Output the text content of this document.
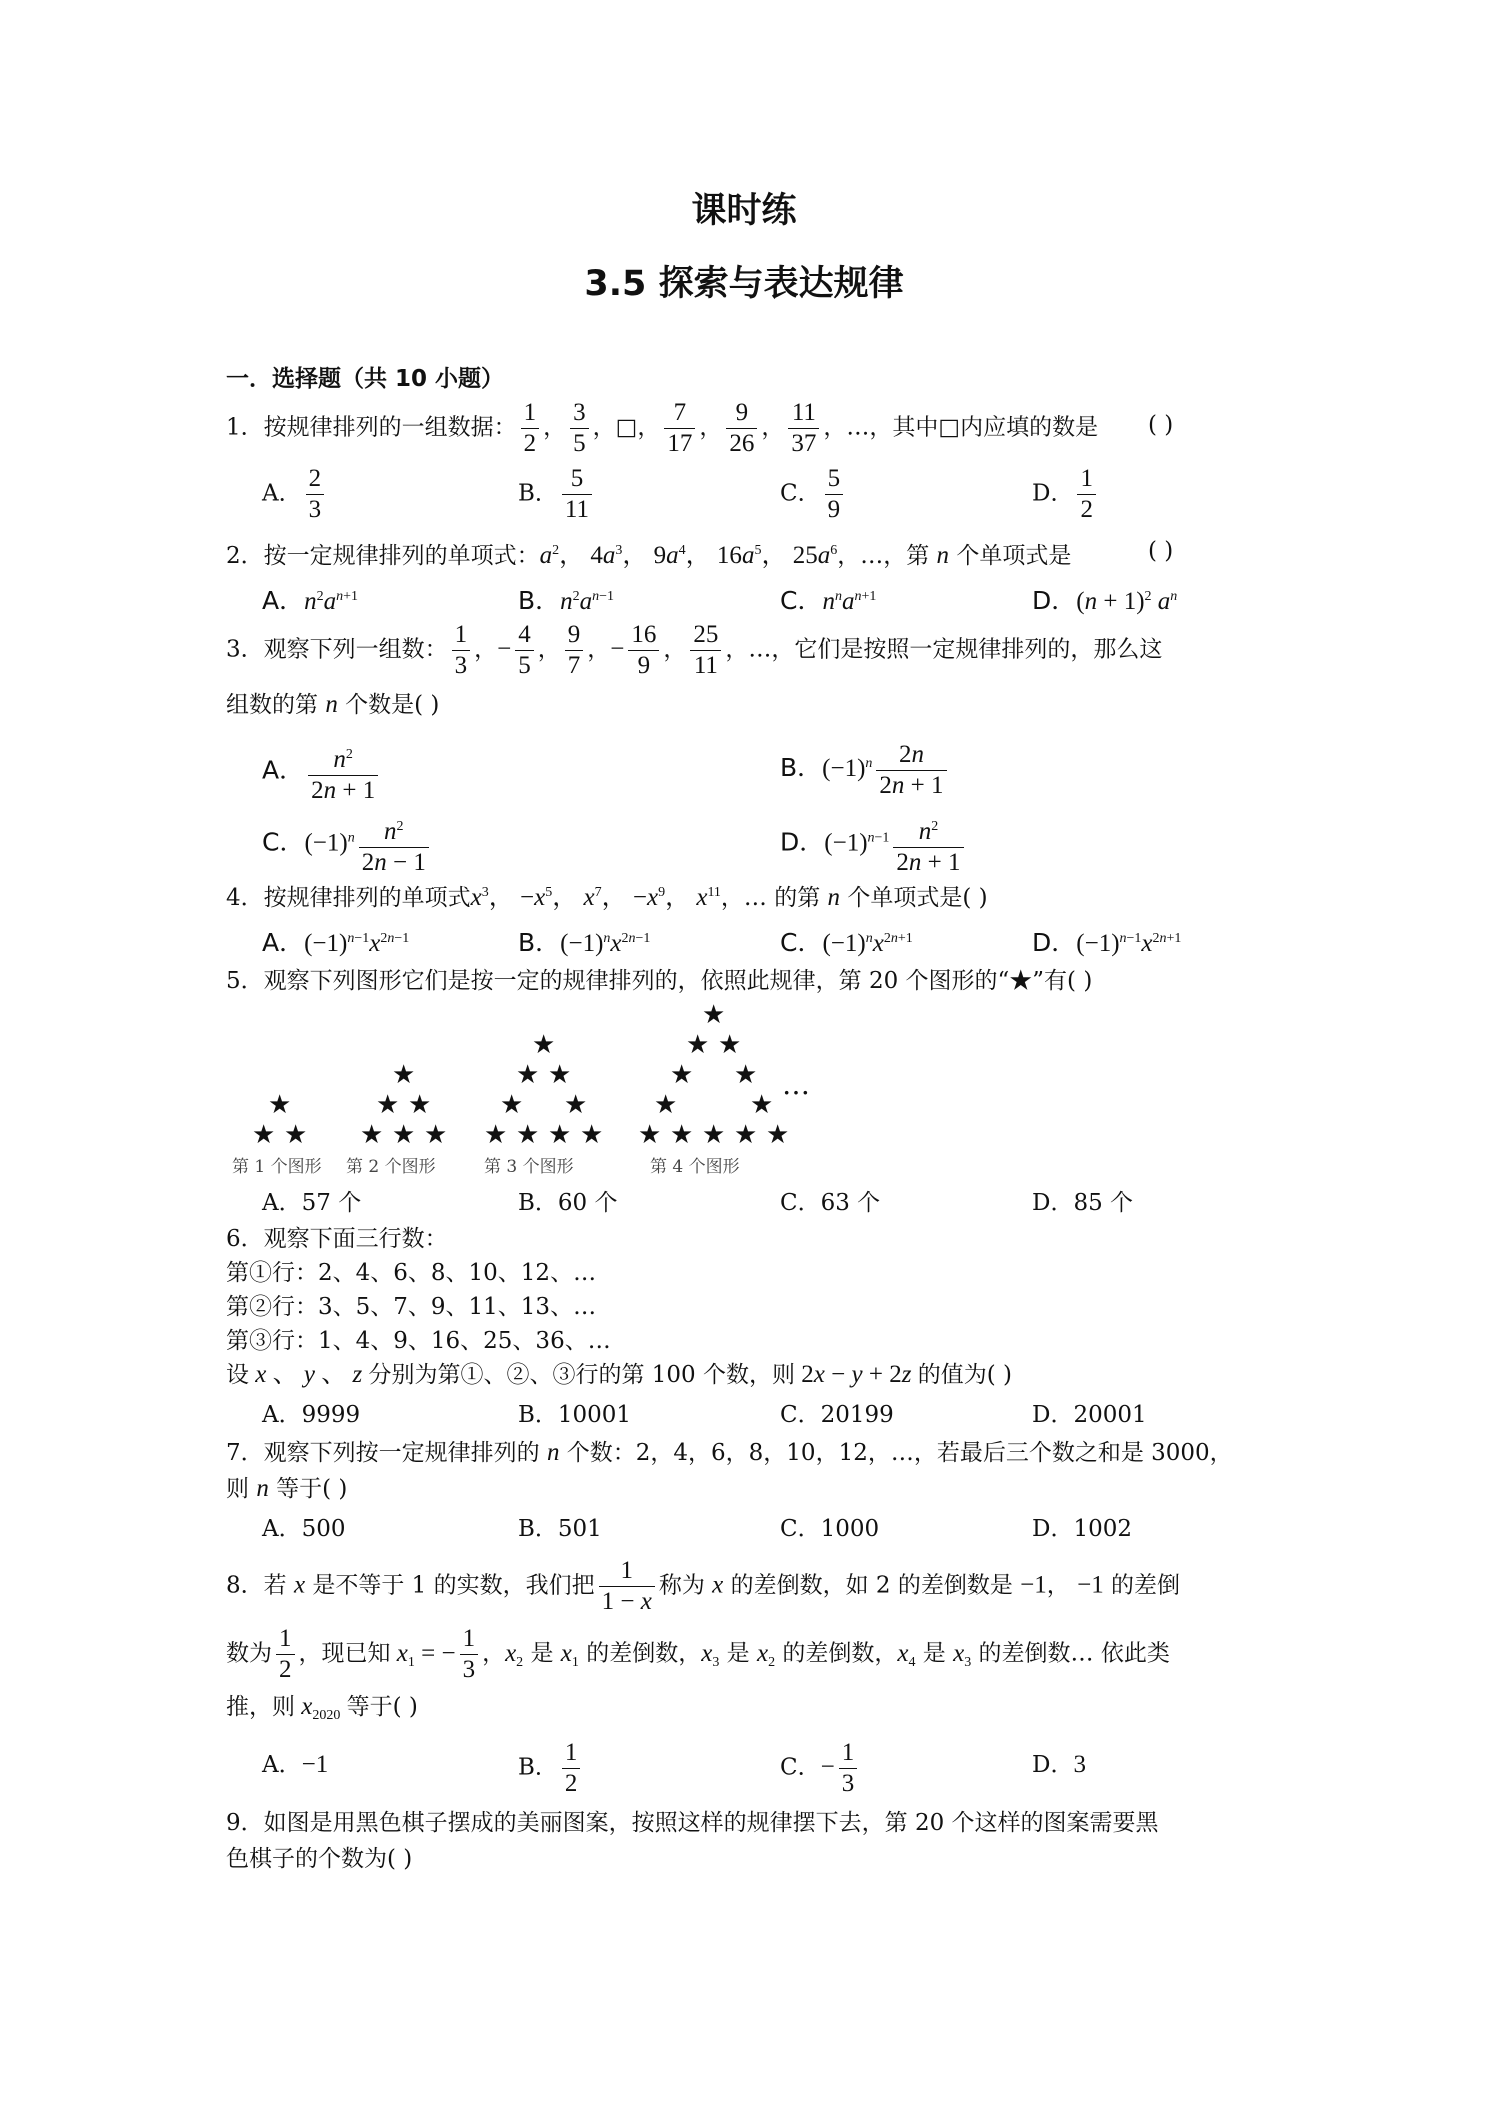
课时练
3.5 探索与表达规律
一．选择题（共 10 小题）
1．按规律排列的一组数据： $\frac{1}{2}$ ， $\frac{3}{5}$ ，□， $\frac{7}{17}$ ， $\frac{9}{26}$ ， $\frac{11}{37}$ ，…，其中□内应填的数是 ( )
A． $\frac{2}{3}$	B． $\frac{5}{11}$	C． $\frac{5}{9}$	D． $\frac{1}{2}$
2．按一定规律排列的单项式：$a^2$， $4a^3$， $9a^4$， $16a^5$， $25a^6$，…，第 n 个单项式是	( )
A．$n^2a^{n+1}$	B．$n^2a^{n-1}$	C．$n^na^{n+1}$	D．$(n + 1)^2$ $a^n$
3．观察下列一组数： $\frac{1}{3}$ ，− $\frac{4}{5}$ ， $\frac{9}{7}$ ，− $\frac{16}{9}$ ， $\frac{25}{11}$ ，…，它们是按照一定规律排列的，那么这
组数的第 n 个数是( )
A． $\frac{n^2}{2n + 1}$	B．$(-1)^n \frac{2n}{2n + 1}$
C．$(-1)^n \frac{n^2}{2n - 1}$	D．$(-1)^{n-1} \frac{n^2}{2n + 1}$
4．按规律排列的单项式$x^3$， $-x^5$， $x^7$， $-x^9$， $x^{11}$，… 的第 n 个单项式是( )
A．$(-1)^{n-1}x^{2n-1}$	B．$(-1)^nx^{2n-1}$	C．$(-1)^nx^{2n+1}$	D．$(-1)^{n-1}x^{2n+1}$
5．观察下列图形它们是按一定的规律排列的，依照此规律，第 20 个图形的“★”有( )
★
★ ★
★
★ ★
★ ★ ★
★
★ ★
★ ★
★ ★ ★ ★
★
★ ★
★ ★
★	★
★ ★ ★ ★ ★
…
第 1 个图形 第 2 个图形	第 3 个图形	第 4 个图形
A．57 个	B．60 个	C．63 个	D．85 个
6．观察下面三行数：
第①行：2、4、6、8、10、12、…
第②行：3、5、7、9、11、13、…
第③行：1、4、9、16、25、36、…
设 x 、 y 、 z 分别为第①、②、③行的第 100 个数，则 2x − y + 2z 的值为( )
A．9999	B．10001	C．20199	D．20001
7．观察下列按一定规律排列的 n 个数：2，4，6，8，10，12，…，若最后三个数之和是 3000，
则 n 等于( )
A．500	B．501	C．1000	D．1002
8．若 x 是不等于 1 的实数，我们把 $\frac{1}{1 - x}$ 称为 x 的差倒数，如 2 的差倒数是 −1， −1 的差倒
数为 $\frac{1}{2}$ ，现已知 $x_1$ = − $\frac{1}{3}$ ，$x_2$ 是 $x_1$ 的差倒数，$x_3$ 是 $x_2$ 的差倒数，$x_4$ 是 $x_3$ 的差倒数… 依此类
推，则 $x_{2020}$ 等于( )
A．−1	B． $\frac{1}{2}$	C．− $\frac{1}{3}$	D．3
9．如图是用黑色棋子摆成的美丽图案，按照这样的规律摆下去，第 20 个这样的图案需要黑
色棋子的个数为( )
